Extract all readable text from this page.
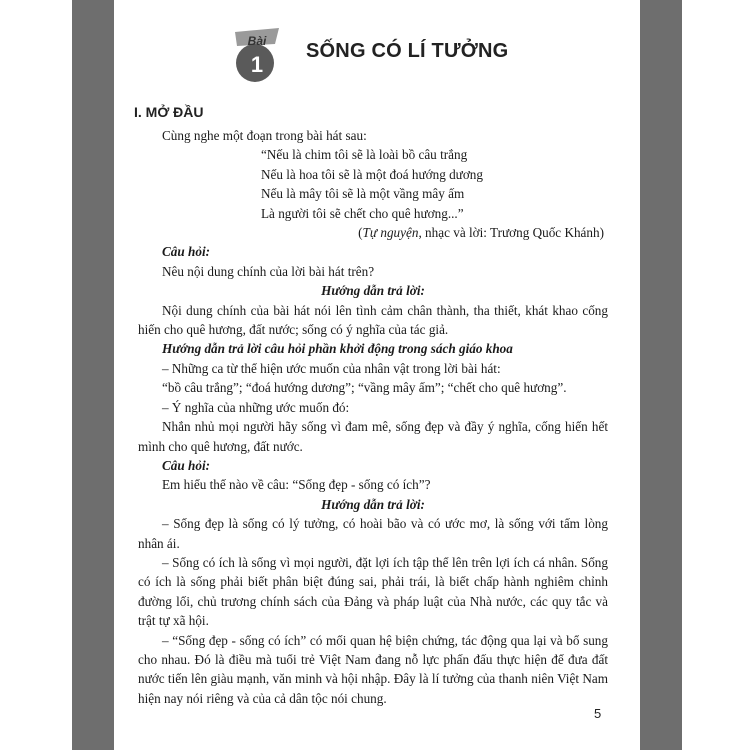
Bài
1
SỐNG CÓ LÍ TƯỞNG
I. MỞ ĐẦU

Cùng nghe một đoạn trong bài hát sau:

“Nếu là chim tôi sẽ là loài bồ câu trắng
Nếu là hoa tôi sẽ là một đoá hướng dương
Nếu là mây tôi sẽ là một vầng mây ấm
Là người tôi sẽ chết cho quê hương...”

(Tự nguyện, nhạc và lời: Trương Quốc Khánh)

Câu hỏi:

Nêu nội dung chính của lời bài hát trên?

Hướng dẫn trả lời:

Nội dung chính của bài hát nói lên tình cảm chân thành, tha thiết, khát khao cống hiến cho quê hương, đất nước; sống có ý nghĩa của tác giả.

Hướng dẫn trả lời câu hỏi phần khởi động trong sách giáo khoa

– Những ca từ thể hiện ước muốn của nhân vật trong lời bài hát:

“bồ câu trắng”; “đoá hướng dương”; “vầng mây ấm”; “chết cho quê hương”.

– Ý nghĩa của những ước muốn đó:

Nhắn nhủ mọi người hãy sống vì đam mê, sống đẹp và đầy ý nghĩa, cống hiến hết mình cho quê hương, đất nước.

Câu hỏi:

Em hiểu thế nào về câu: “Sống đẹp - sống có ích”?

Hướng dẫn trả lời:

– Sống đẹp là sống có lý tưởng, có hoài bão và có ước mơ, là sống với tấm lòng nhân ái.

– Sống có ích là sống vì mọi người, đặt lợi ích tập thể lên trên lợi ích cá nhân. Sống có ích là sống phải biết phân biệt đúng sai, phải trái, là biết chấp hành nghiêm chỉnh đường lối, chủ trương chính sách của Đảng và pháp luật của Nhà nước, các quy tắc và trật tự xã hội.

– “Sống đẹp - sống có ích” có mối quan hệ biện chứng, tác động qua lại và bổ sung cho nhau. Đó là điều mà tuổi trẻ Việt Nam đang nỗ lực phấn đấu thực hiện để đưa đất nước tiến lên giàu mạnh, văn minh và hội nhập. Đây là lí tưởng của thanh niên Việt Nam hiện nay nói riêng và của cả dân tộc nói chung.

5
